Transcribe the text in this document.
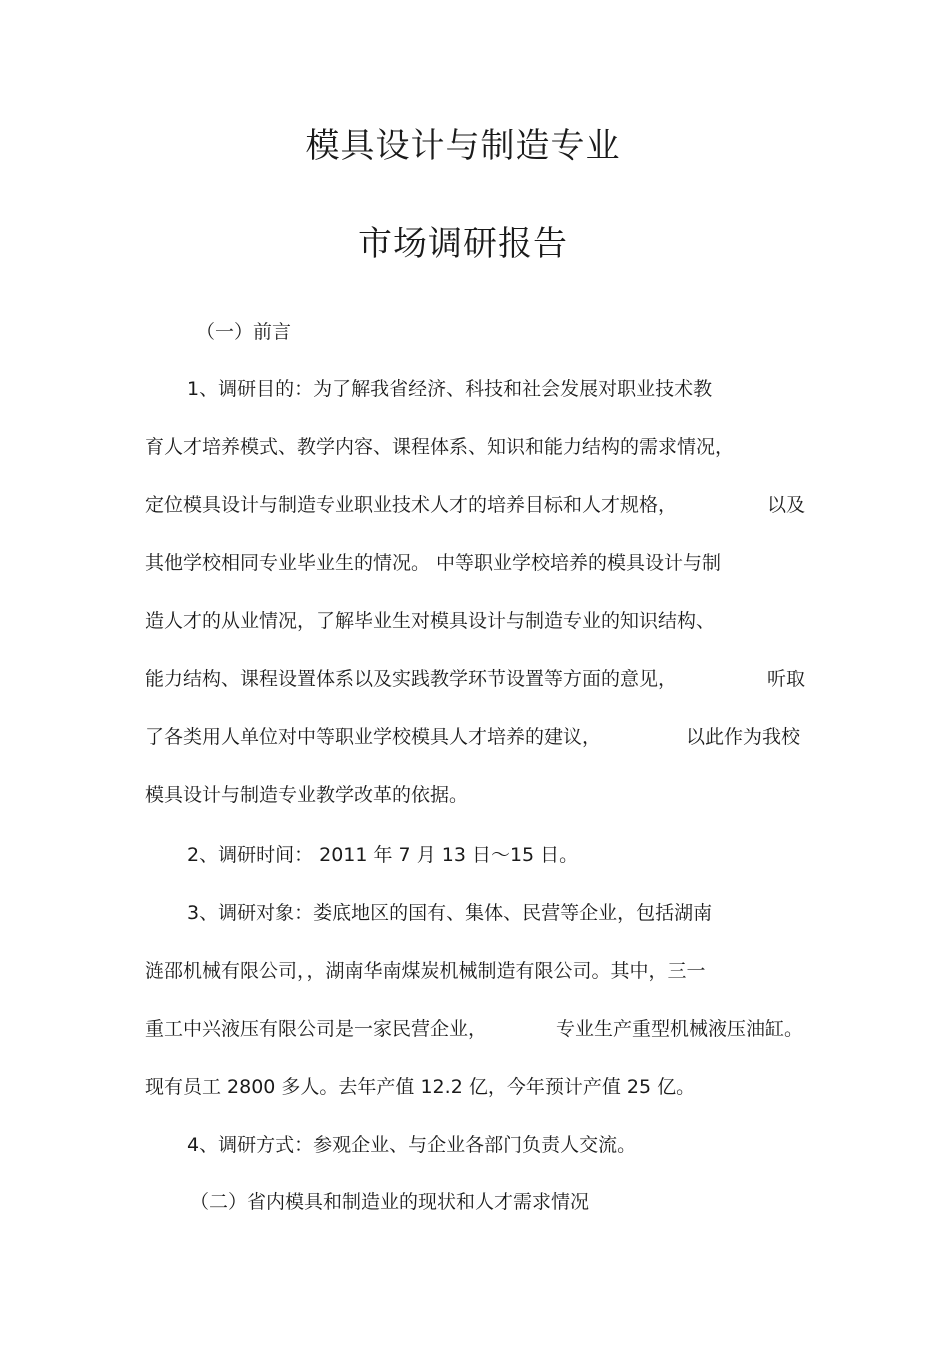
模具设计与制造专业
市场调研报告
（一）前言
1、调研目的：为了解我省经济、科技和社会发展对职业技术教
育人才培养模式、教学内容、课程体系、知识和能力结构的需求情况，
定位模具设计与制造专业职业技术人才的培养目标和人才规格，	以及
其他学校相同专业毕业生的情况。 中等职业学校培养的模具设计与制
造人才的从业情况，了解毕业生对模具设计与制造专业的知识结构、
能力结构、课程设置体系以及实践教学环节设置等方面的意见，	听取
了各类用人单位对中等职业学校模具人才培养的建议，	以此作为我校
模具设计与制造专业教学改革的依据。
2、调研时间： 2011 年 7 月 13 日～15 日。
3、调研对象：娄底地区的国有、集体、民营等企业，包括湖南
涟邵机械有限公司，，湖南华南煤炭机械制造有限公司。其中，三一
重工中兴液压有限公司是一家民营企业，	专业生产重型机械液压油缸。
现有员工 2800 多人。去年产值 12.2 亿，今年预计产值 25 亿。
4、调研方式：参观企业、与企业各部门负责人交流。
（二）省内模具和制造业的现状和人才需求情况
